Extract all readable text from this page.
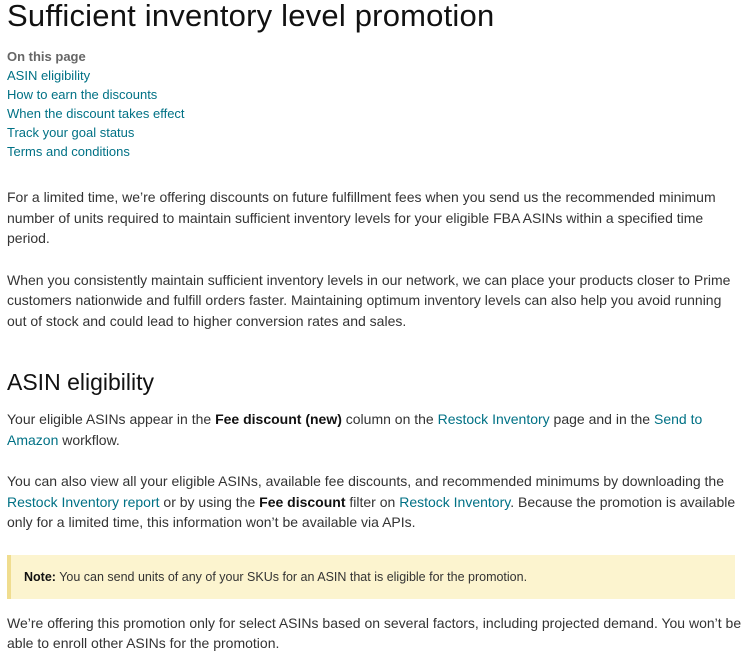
Sufficient inventory level promotion
On this page
ASIN eligibility
How to earn the discounts
When the discount takes effect
Track your goal status
Terms and conditions

For a limited time, we’re offering discounts on future fulfillment fees when you send us the recommended minimum number of units required to maintain sufficient inventory levels for your eligible FBA ASINs within a specified time period.

When you consistently maintain sufficient inventory levels in our network, we can place your products closer to Prime customers nationwide and fulfill orders faster. Maintaining optimum inventory levels can also help you avoid running out of stock and could lead to higher conversion rates and sales.

ASIN eligibility

Your eligible ASINs appear in the Fee discount (new) column on the Restock Inventory page and in the Send to Amazon workflow.

You can also view all your eligible ASINs, available fee discounts, and recommended minimums by downloading the Restock Inventory report or by using the Fee discount filter on Restock Inventory. Because the promotion is available only for a limited time, this information won’t be available via APIs.

Note: You can send units of any of your SKUs for an ASIN that is eligible for the promotion.

We’re offering this promotion only for select ASINs based on several factors, including projected demand. You won’t be able to enroll other ASINs for the promotion.
